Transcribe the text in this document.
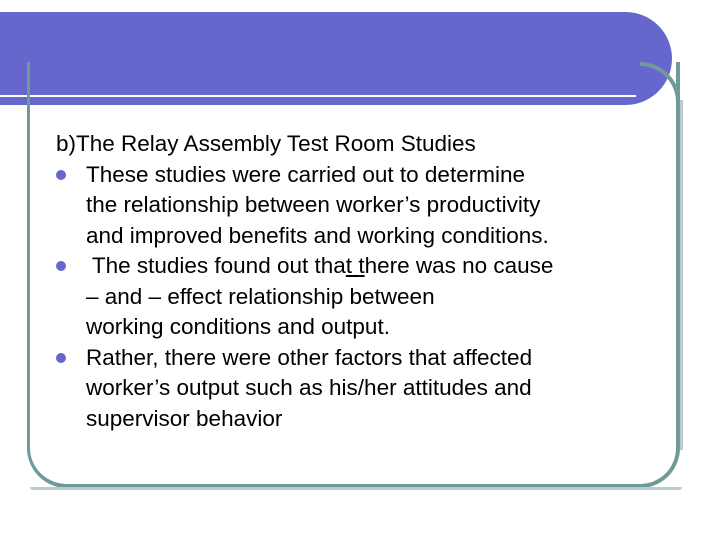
b)The Relay Assembly Test Room Studies
These studies were carried out to determine
the relationship between worker’s productivity
and improved benefits and working conditions.
The studies found out that there was no cause
– and – effect relationship between
working conditions and output.
Rather, there were other factors that affected
worker’s output such as his/her attitudes and
supervisor behavior
